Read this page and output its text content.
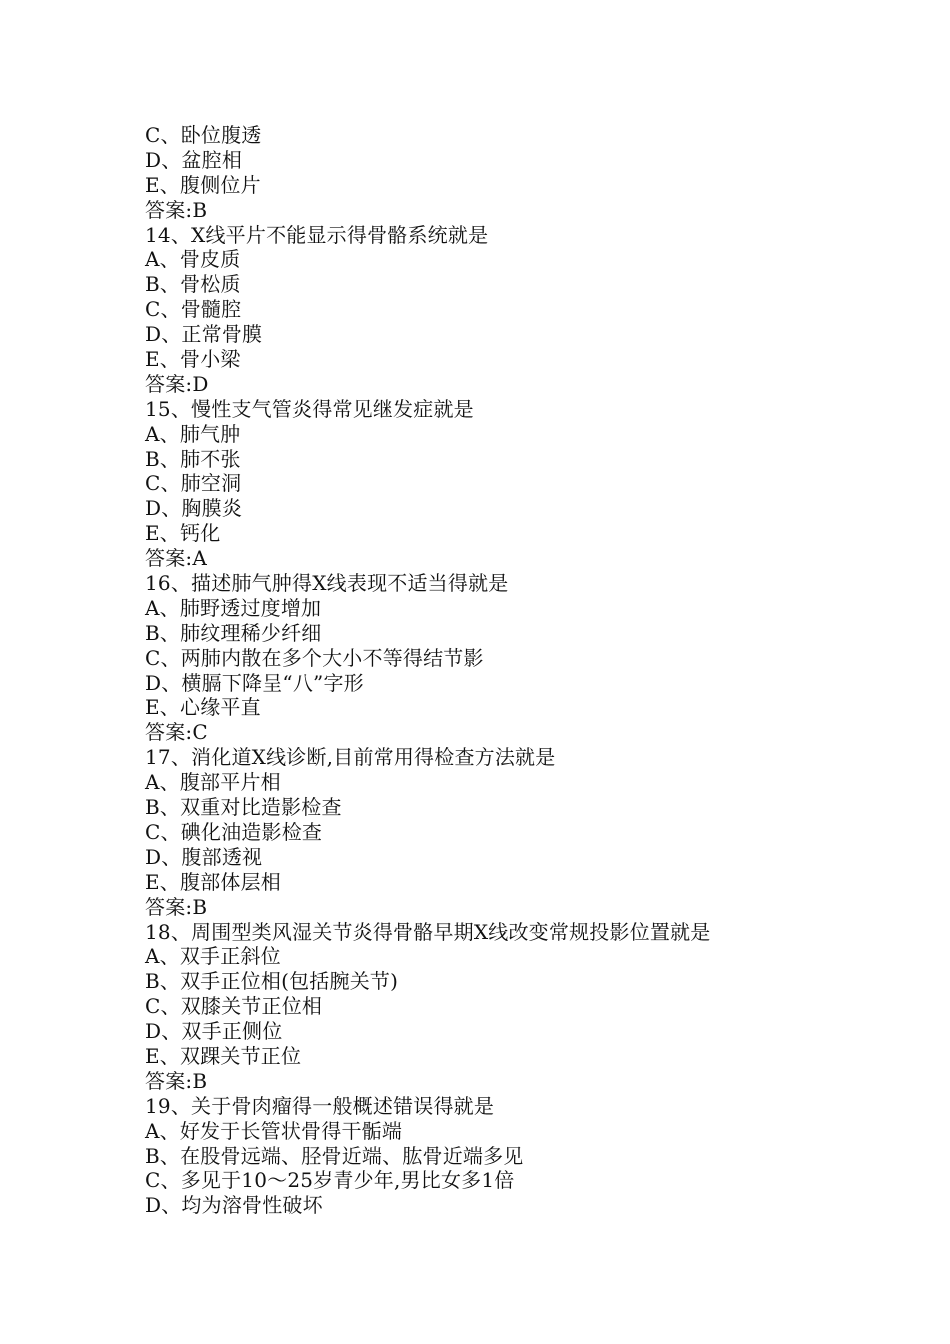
C、卧位腹透
D、盆腔相
E、腹侧位片
答案:B
14、X线平片不能显示得骨骼系统就是
A、骨皮质
B、骨松质
C、骨髓腔
D、正常骨膜
E、骨小梁
答案:D
15、慢性支气管炎得常见继发症就是
A、肺气肿
B、肺不张
C、肺空洞
D、胸膜炎
E、钙化
答案:A
16、描述肺气肿得X线表现不适当得就是
A、肺野透过度增加
B、肺纹理稀少纤细
C、两肺内散在多个大小不等得结节影
D、横膈下降呈“八”字形
E、心缘平直
答案:C
17、消化道X线诊断,目前常用得检查方法就是
A、腹部平片相
B、双重对比造影检查
C、碘化油造影检查
D、腹部透视
E、腹部体层相
答案:B
18、周围型类风湿关节炎得骨骼早期X线改变常规投影位置就是
A、双手正斜位
B、双手正位相(包括腕关节)
C、双膝关节正位相
D、双手正侧位
E、双踝关节正位
答案:B
19、关于骨肉瘤得一般概述错误得就是
A、好发于长管状骨得干骺端
B、在股骨远端、胫骨近端、肱骨近端多见
C、多见于10～25岁青少年,男比女多1倍
D、均为溶骨性破坏
